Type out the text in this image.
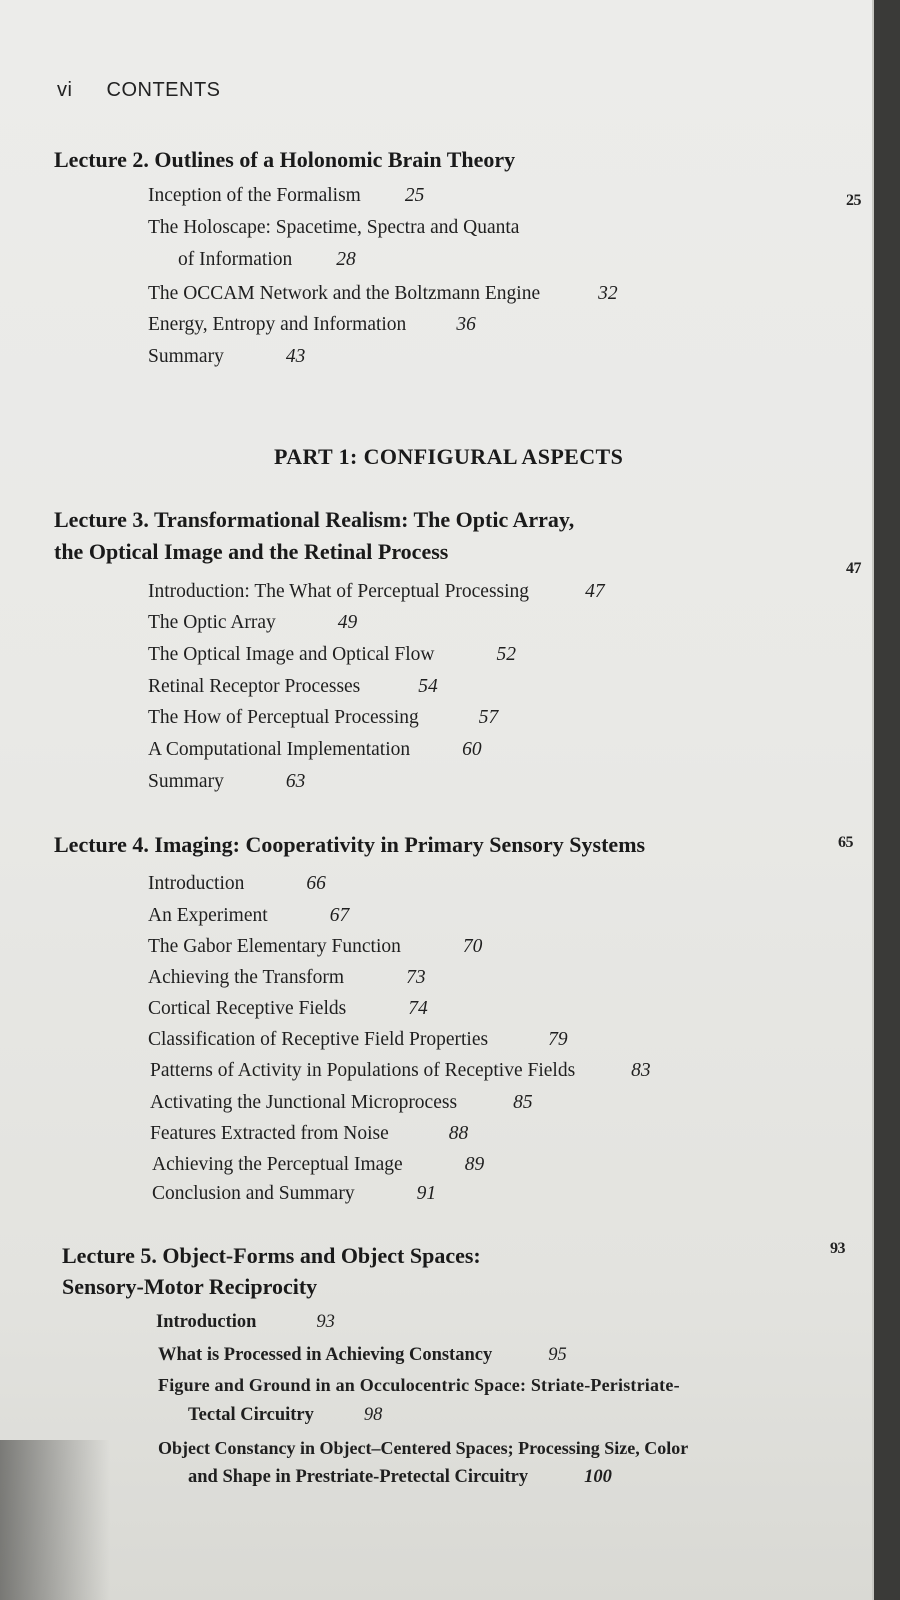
vi CONTENTS
Lecture 2. Outlines of a Holonomic Brain Theory
25
Inception of the Formalism 25
The Holoscape: Spacetime, Spectra and Quanta
of Information 28
The OCCAM Network and the Boltzmann Engine	32
Energy, Entropy and Information	36
Summary	43
PART 1: CONFIGURAL ASPECTS
Lecture 3. Transformational Realism: The Optic Array,
the Optical Image and the Retinal Process
47
Introduction: The What of Perceptual Processing	47
The Optic Array	49
The Optical Image and Optical Flow	52
Retinal Receptor Processes	54
The How of Perceptual Processing	57
A Computational Implementation	60
Summary	63
Lecture 4. Imaging: Cooperativity in Primary Sensory Systems	65
Introduction	66
An Experiment	67
The Gabor Elementary Function	70
Achieving the Transform	73
Cortical Receptive Fields	74
Classification of Receptive Field Properties	79
Patterns of Activity in Populations of Receptive Fields	83
Activating the Junctional Microprocess	85
Features Extracted from Noise	88
Achieving the Perceptual Image	89
Conclusion and Summary	91
Lecture 5. Object-Forms and Object Spaces:
Sensory-Motor Reciprocity
93
Introduction	93
What is Processed in Achieving Constancy	95
Figure and Ground in an Occulocentric Space: Striate-Peristriate-
Tectal Circuitry	98
Object Constancy in Object–Centered Spaces; Processing Size, Color
and Shape in Prestriate-Pretectal Circuitry	100
